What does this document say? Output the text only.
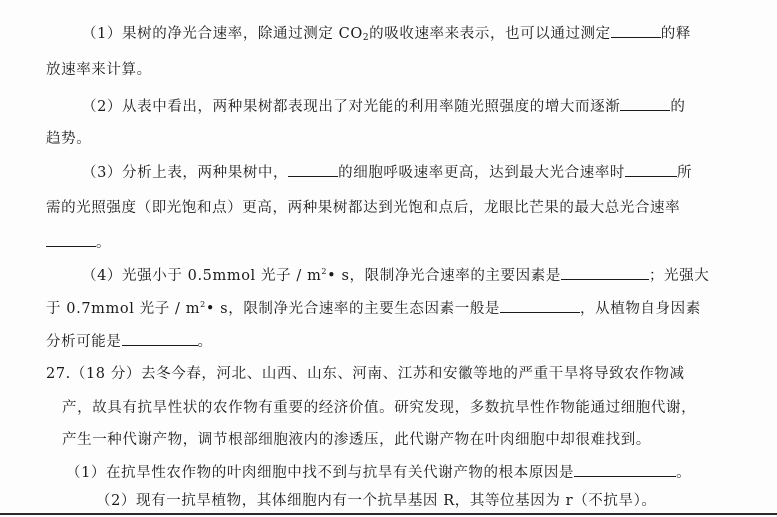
（1）果树的净光合速率，除通过测定 $CO_2$的吸收速率来表示，也可以通过测定	的释
放速率来计算。
（2）从表中看出，两种果树都表现出了对光能的利用率随光照强度的增大而逐渐	的
趋势。
（3）分析上表，两种果树中，	的细胞呼吸速率更高，达到最大光合速率时	所
需的光照强度（即光饱和点）更高，两种果树都达到光饱和点后，龙眼比芒果的最大总光合速率
。
（4）光强小于 0.5mmol 光子 / $m^2•$ s，限制净光合速率的主要因素是	；光强大
于 0.7mmol 光子 / $m^2•$ s，限制净光合速率的主要生态因素一般是	，从植物自身因素
分析可能是	。
27.（18 分）去冬今春，河北、山西、山东、河南、江苏和安徽等地的严重干旱将导致农作物减
产，故具有抗旱性状的农作物有重要的经济价值。研究发现，多数抗旱性作物能通过细胞代谢，
产生一种代谢产物，调节根部细胞液内的渗透压，此代谢产物在叶肉细胞中却很难找到。
（1）在抗旱性农作物的叶肉细胞中找不到与抗旱有关代谢产物的根本原因是	。
（2）现有一抗旱植物，其体细胞内有一个抗旱基因 R，其等位基因为 r（不抗旱）。
